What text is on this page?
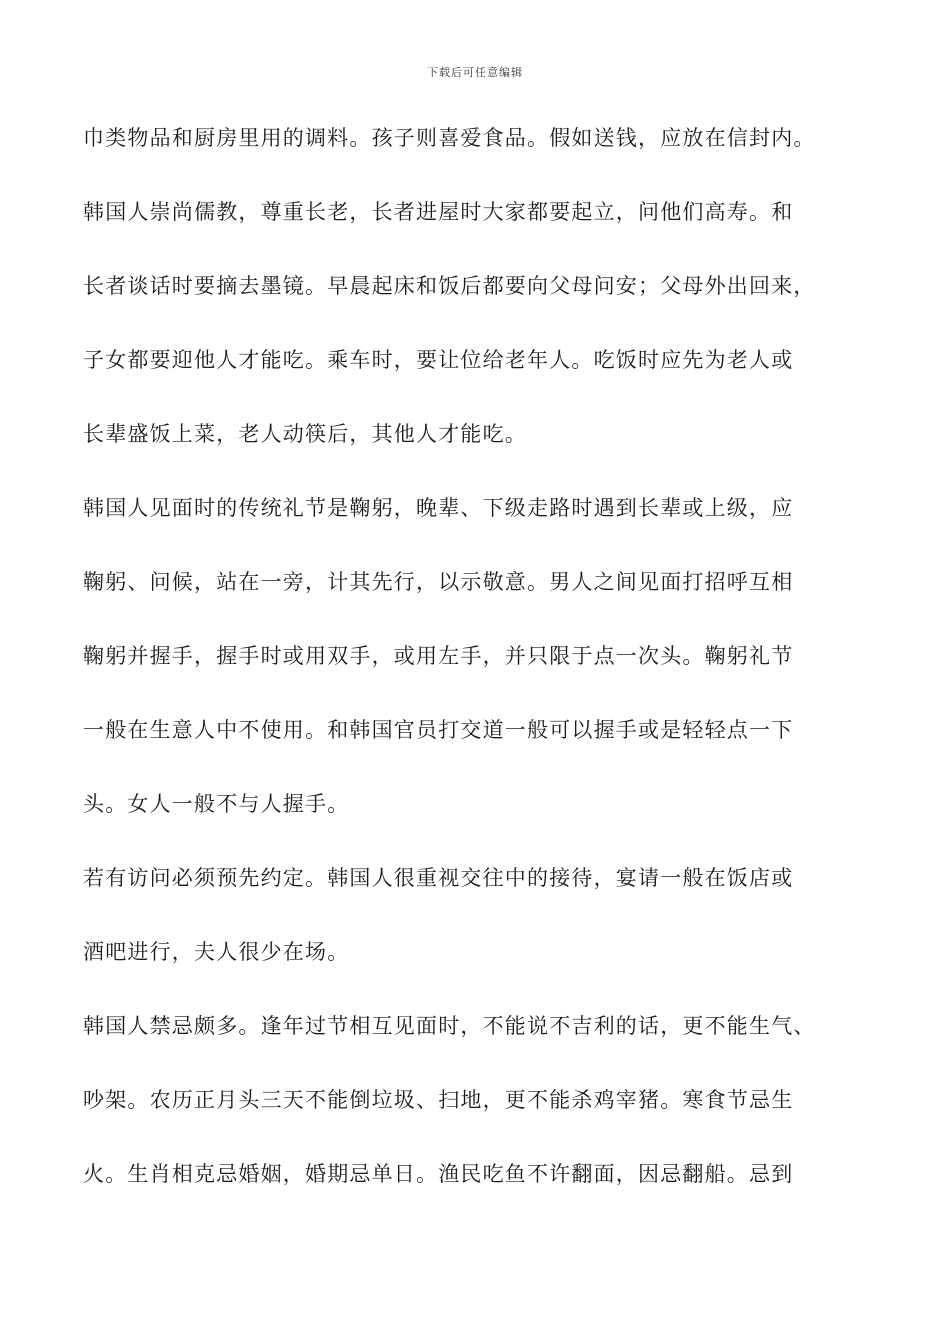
下载后可任意编辑
巾类物品和厨房里用的调料。孩子则喜爱食品。假如送钱，应放在信封内。
韩国人崇尚儒教，尊重长老，长者进屋时大家都要起立，问他们高寿。和
长者谈话时要摘去墨镜。早晨起床和饭后都要向父母问安；父母外出回来，
子女都要迎他人才能吃。乘车时，要让位给老年人。吃饭时应先为老人或
长辈盛饭上菜，老人动筷后，其他人才能吃。
韩国人见面时的传统礼节是鞠躬，晚辈、下级走路时遇到长辈或上级，应
鞠躬、问候，站在一旁，计其先行，以示敬意。男人之间见面打招呼互相
鞠躬并握手，握手时或用双手，或用左手，并只限于点一次头。鞠躬礼节
一般在生意人中不使用。和韩国官员打交道一般可以握手或是轻轻点一下
头。女人一般不与人握手。
若有访问必须预先约定。韩国人很重视交往中的接待，宴请一般在饭店或
酒吧进行，夫人很少在场。
韩国人禁忌颇多。逢年过节相互见面时，不能说不吉利的话，更不能生气、
吵架。农历正月头三天不能倒垃圾、扫地，更不能杀鸡宰猪。寒食节忌生
火。生肖相克忌婚姻，婚期忌单日。渔民吃鱼不许翻面，因忌翻船。忌到
